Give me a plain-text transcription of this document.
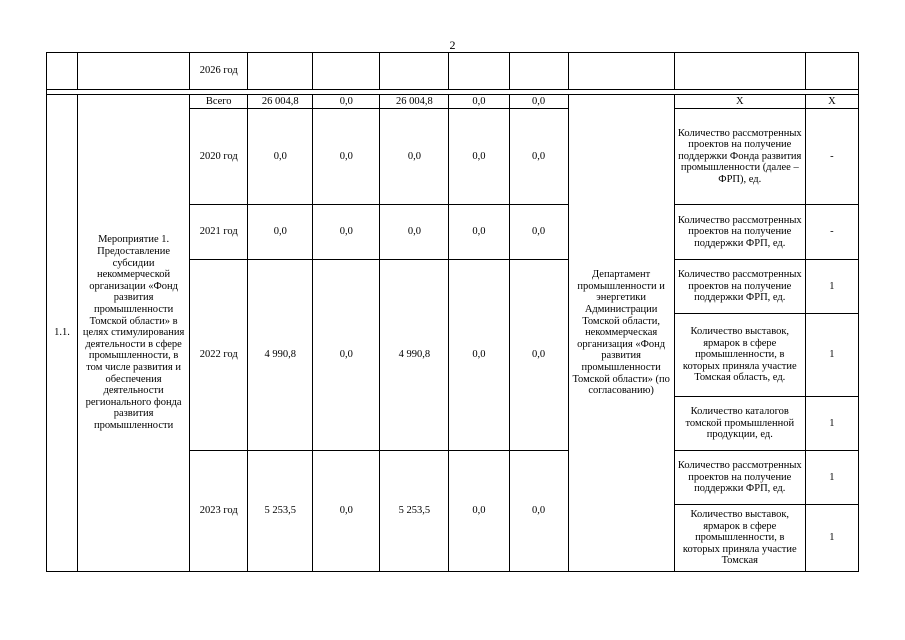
2
		2026 год								

1.1.	Мероприятие 1. Предоставление субсидии некоммерческой организации «Фонд развития промышленности Томской области» в целях стимулирования деятельности в сфере промышленности, в том числе развития и обеспечения деятельности регионального фонда развития промышленности	Всего	26 004,8	0,0	26 004,8	0,0	0,0	Департамент промышленности и энергетики Администрации Томской области, некоммерческая организация «Фонд развития промышленности Томской области» (по согласованию)	Х	Х
		2020 год	0,0	0,0	0,0	0,0	0,0		Количество рассмотренных проектов на получение поддержки Фонда развития промышленности (далее – ФРП), ед.	-
		2021 год	0,0	0,0	0,0	0,0	0,0		Количество рассмотренных проектов на получение поддержки ФРП, ед.	-
		2022 год	4 990,8	0,0	4 990,8	0,0	0,0		Количество рассмотренных проектов на получение поддержки ФРП, ед.	1
									Количество выставок, ярмарок в сфере промышленности, в которых приняла участие Томская область, ед.	1
									Количество каталогов томской промышленной продукции, ед.	1
		2023 год	5 253,5	0,0	5 253,5	0,0	0,0		Количество рассмотренных проектов на получение поддержки ФРП, ед.	1
									Количество выставок, ярмарок в сфере промышленности, в которых приняла участие Томская	1
